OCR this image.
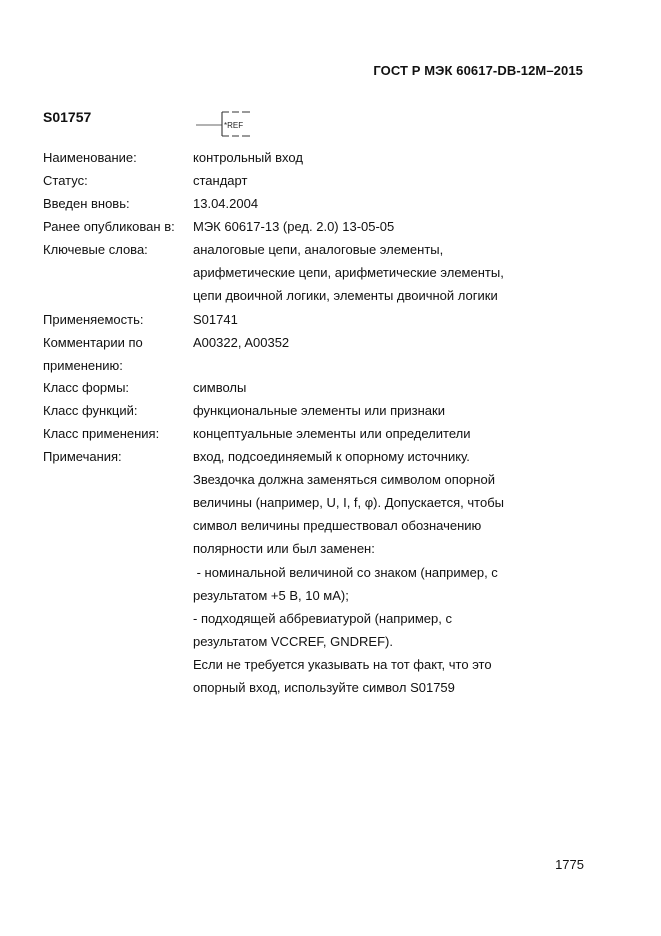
ГОСТ Р МЭК 60617-DB-12M–2015
S01757
*REF
Наименование:	контрольный вход
Статус:	стандарт
Введен вновь:	13.04.2004
Ранее опубликован в: МЭК 60617-13 (ред. 2.0) 13-05-05
Ключевые слова:	аналоговые цепи, аналоговые элементы,
арифметические цепи, арифметические элементы,
цепи двоичной логики, элементы двоичной логики
Применяемость:	S01741
Комментарии по	A00322, A00352
применению:
Класс формы:	символы
Класс функций:	функциональные элементы или признаки
Класс применения:	концептуальные элементы или определители
Примечания:	вход, подсоединяемый к опорному источнику.
Звездочка должна заменяться символом опорной
величины (например, U, I, f, φ). Допускается, чтобы
символ величины предшествовал обозначению
полярности или был заменен:
- номинальной величиной со знаком (например, с
результатом +5 В, 10 мА);
- подходящей аббревиатурой (например, с
результатом VCCREF, GNDREF).
Если не требуется указывать на тот факт, что это
опорный вход, используйте символ S01759
1775
